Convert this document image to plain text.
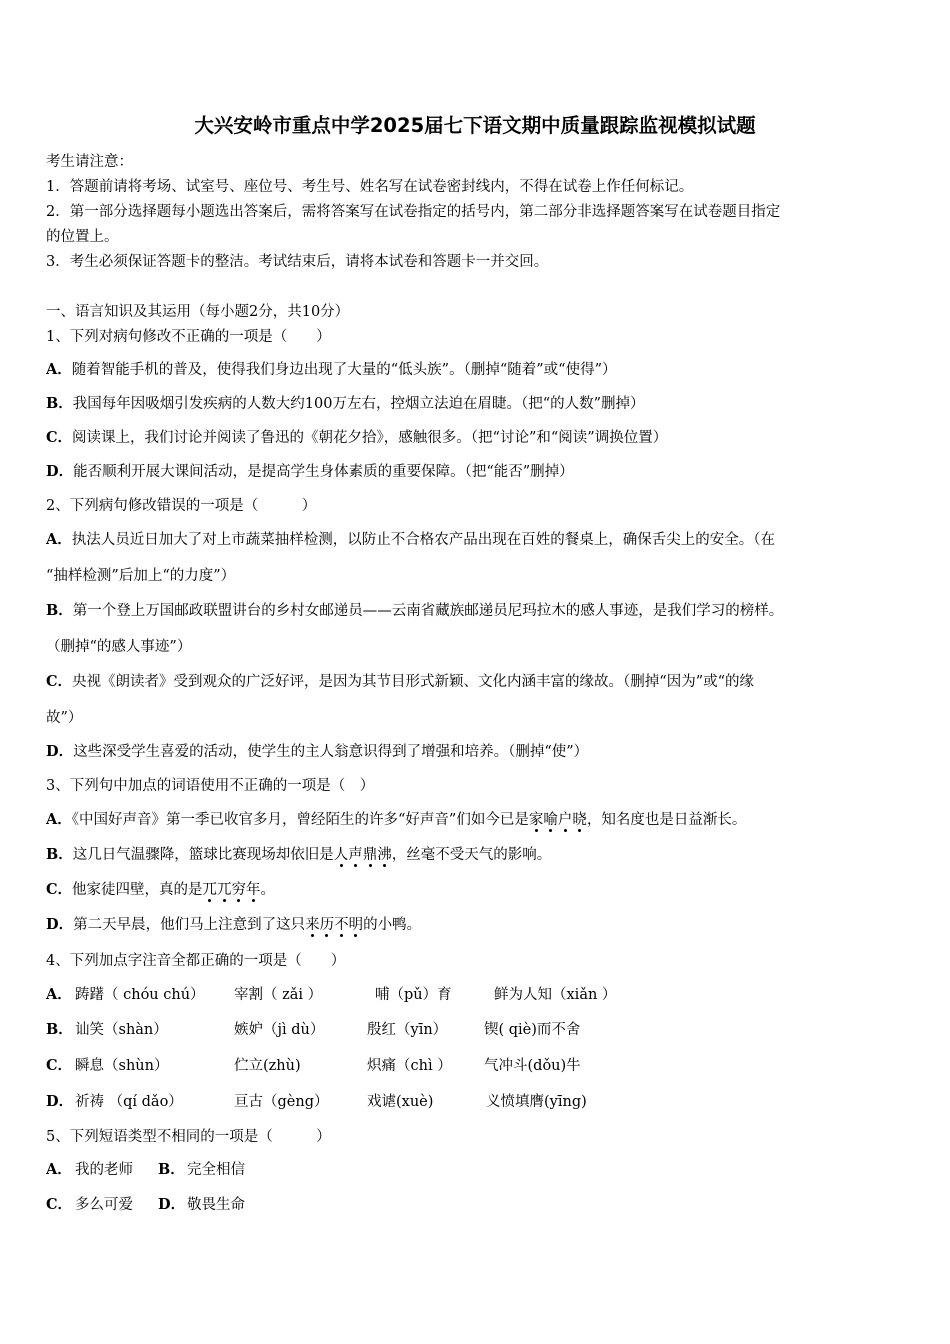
大兴安岭市重点中学2025届七下语文期中质量跟踪监视模拟试题
考生请注意：
1．答题前请将考场、试室号、座位号、考生号、姓名写在试卷密封线内，不得在试卷上作任何标记。
2．第一部分选择题每小题选出答案后，需将答案写在试卷指定的括号内，第二部分非选择题答案写在试卷题目指定
的位置上。
3．考生必须保证答题卡的整洁。考试结束后，请将本试卷和答题卡一并交回。
一、语言知识及其运用（每小题2分，共10分）
1、下列对病句修改不正确的一项是（　　）
A．随着智能手机的普及，使得我们身边出现了大量的“低头族”。（删掉“随着”或“使得”）
B．我国每年因吸烟引发疾病的人数大约100万左右，控烟立法迫在眉睫。（把“的人数”删掉）
C．阅读课上，我们讨论并阅读了鲁迅的《朝花夕拾》，感触很多。（把“讨论”和“阅读”调换位置）
D．能否顺利开展大课间活动，是提高学生身体素质的重要保障。（把“能否”删掉）
2、下列病句修改错误的一项是（　　　）
A．执法人员近日加大了对上市蔬菜抽样检测，以防止不合格农产品出现在百姓的餐桌上，确保舌尖上的安全。（在
“抽样检测”后加上“的力度”）
B．第一个登上万国邮政联盟讲台的乡村女邮递员——云南省藏族邮递员尼玛拉木的感人事迹，是我们学习的榜样。
（删掉“的感人事迹”）
C．央视《朗读者》受到观众的广泛好评，是因为其节目形式新颖、文化内涵丰富的缘故。（删掉“因为”或“的缘
故”）
D．这些深受学生喜爱的活动，使学生的主人翁意识得到了增强和培养。（删掉“使”）
3、下列句中加点的词语使用不正确的一项是（　）
A．《中国好声音》第一季已收官多月，曾经陌生的许多“好声音”们如今已是家喻户晓，知名度也是日益渐长。
B．这几日气温骤降，篮球比赛现场却依旧是人声鼎沸，丝毫不受天气的影响。
C．他家徒四壁，真的是兀兀穷年。
D．第二天早晨，他们马上注意到了这只来历不明的小鸭。
4、下列加点字注音全都正确的一项是（　　）
A． 踌躇（ chóu chú） 宰割（ zǎi ）	哺（pǔ）育	鲜为人知（xiǎn ）
B． 讪笑（shàn）	嫉妒（jì dù）	殷红（yīn）	锲( qiè)而不舍
C． 瞬息（shùn）	伫立(zhù)	炽痛（chì ） 气冲斗(dǒu)牛
D． 祈祷 （qí dǎo）	亘古（gèng）	戏谑(xuè)	义愤填膺(yīng)
5、下列短语类型不相同的一项是（　　　）
A． 我的老师 B． 完全相信
C． 多么可爱 D． 敬畏生命
